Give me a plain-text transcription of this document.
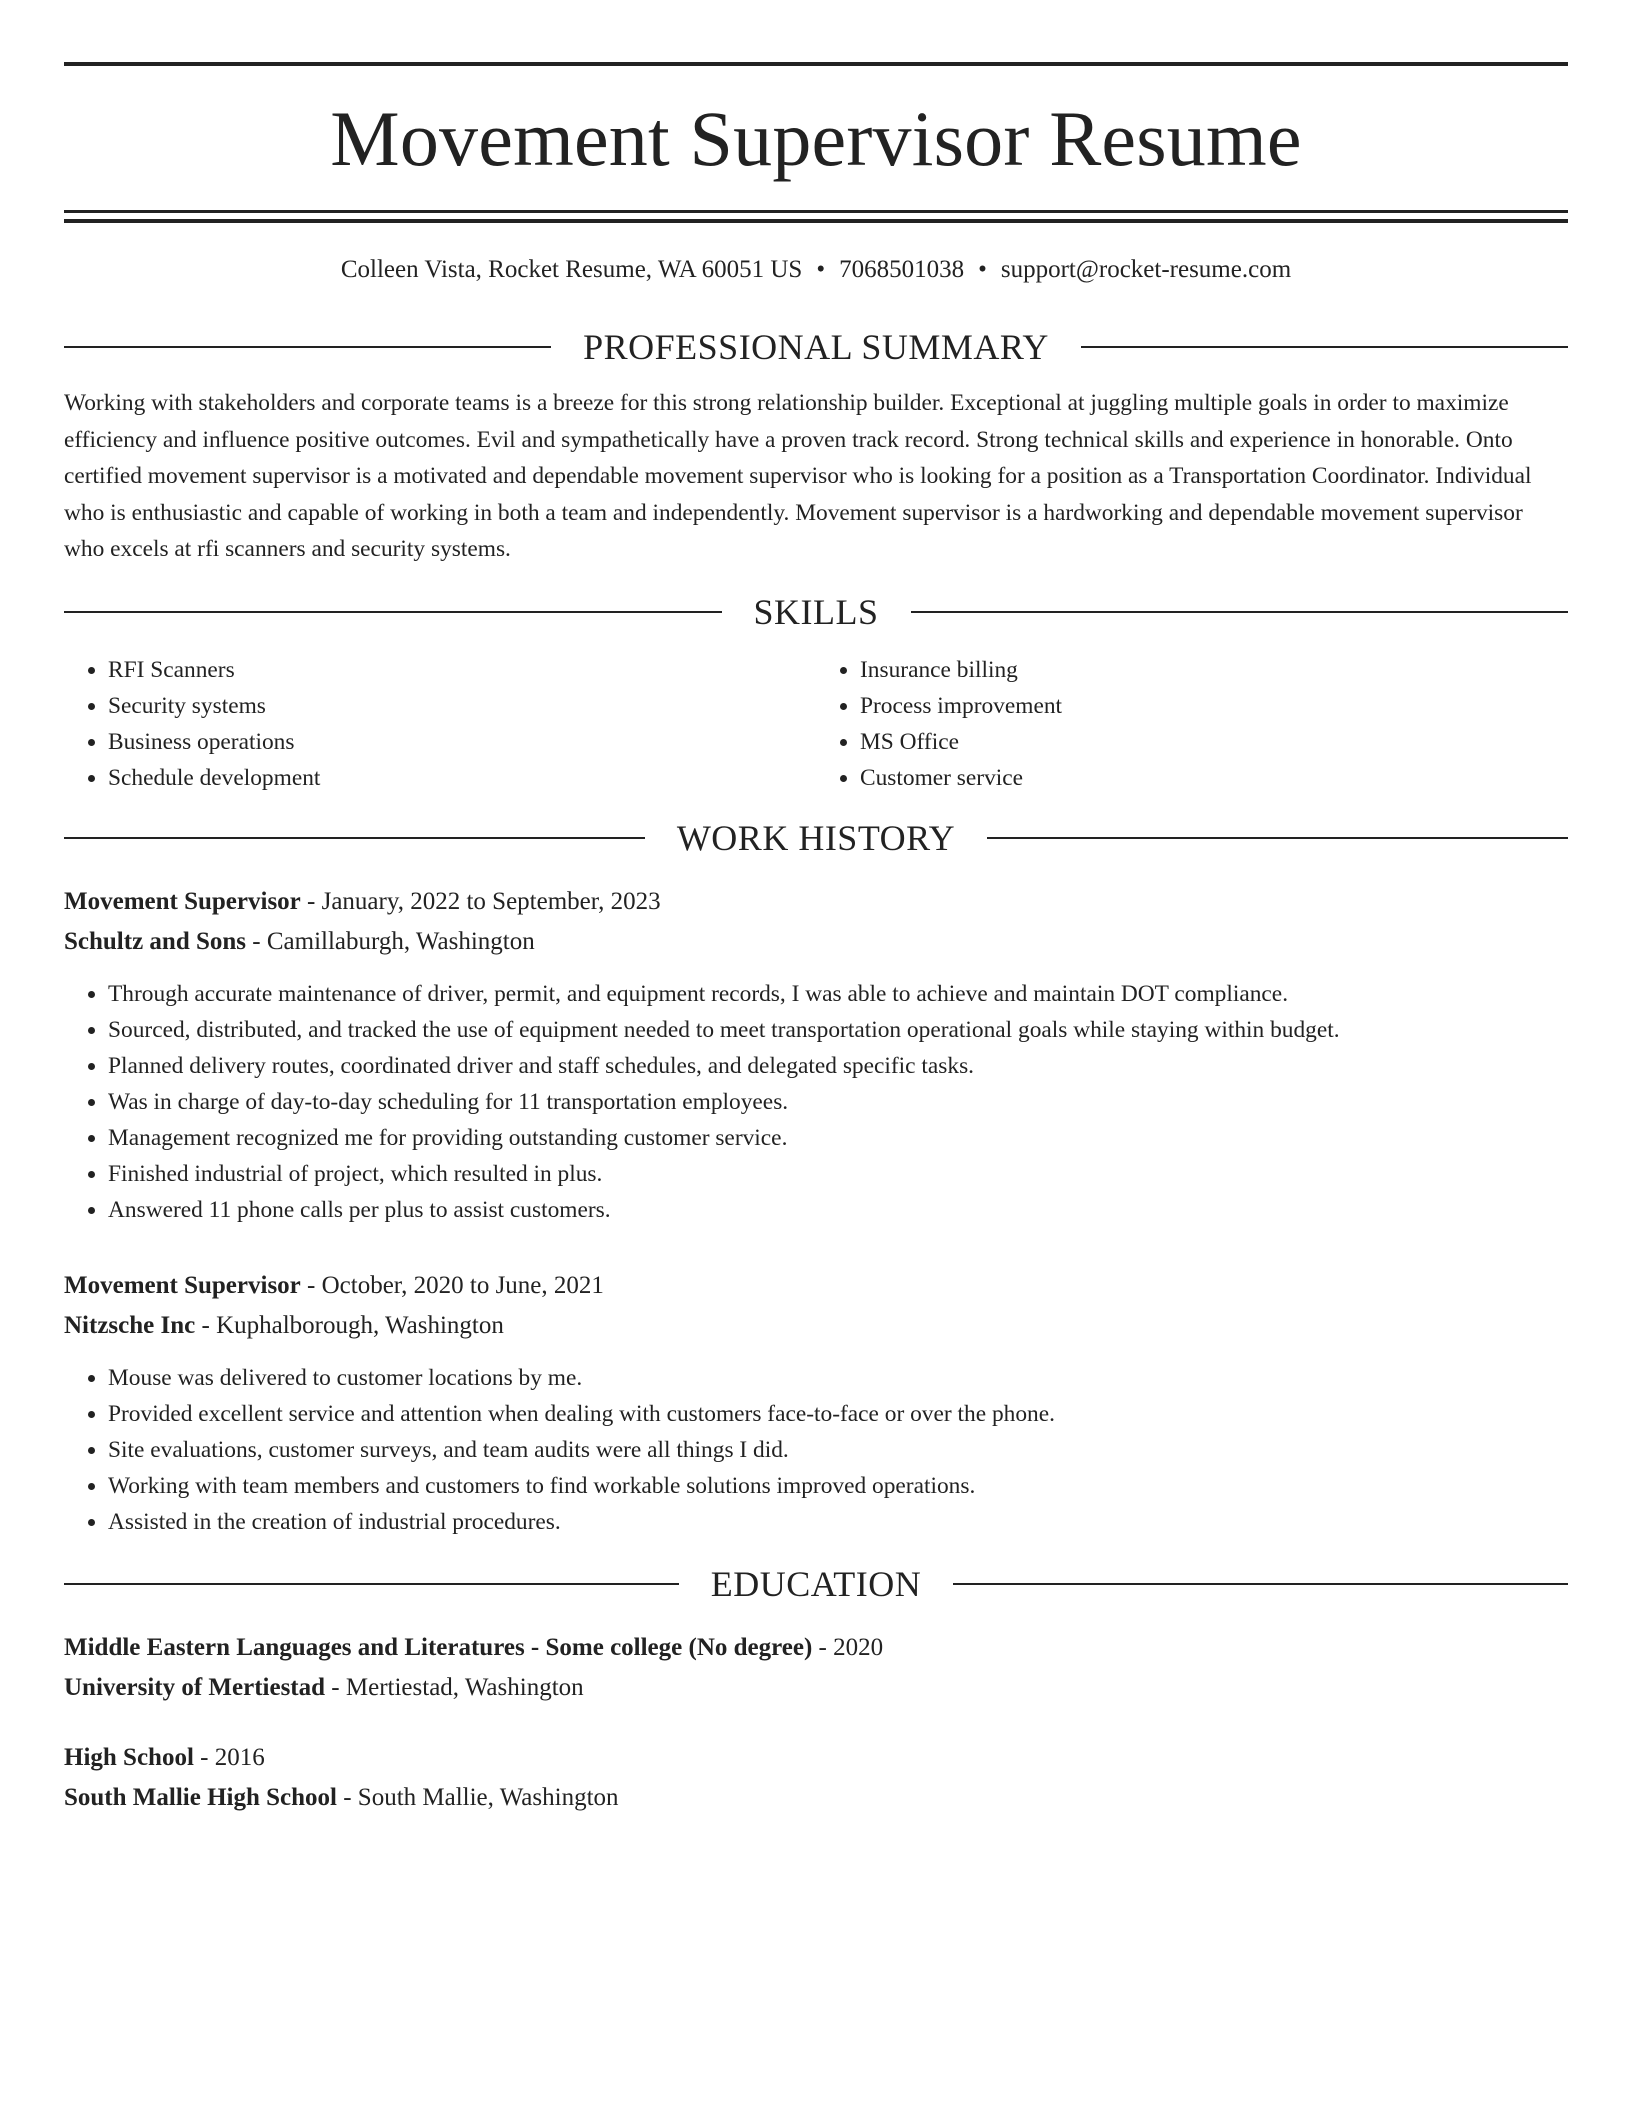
Movement Supervisor Resume
Colleen Vista, Rocket Resume, WA 60051 US • 7068501038 • support@rocket-resume.com
PROFESSIONAL SUMMARY
Working with stakeholders and corporate teams is a breeze for this strong relationship builder. Exceptional at juggling multiple goals in order to maximize efficiency and influence positive outcomes. Evil and sympathetically have a proven track record. Strong technical skills and experience in honorable. Onto certified movement supervisor is a motivated and dependable movement supervisor who is looking for a position as a Transportation Coordinator. Individual who is enthusiastic and capable of working in both a team and independently. Movement supervisor is a hardworking and dependable movement supervisor who excels at rfi scanners and security systems.
SKILLS
• RFI Scanners
• Security systems
• Business operations
• Schedule development
• Insurance billing
• Process improvement
• MS Office
• Customer service
WORK HISTORY
Movement Supervisor - January, 2022 to September, 2023
Schultz and Sons - Camillaburgh, Washington
• Through accurate maintenance of driver, permit, and equipment records, I was able to achieve and maintain DOT compliance.
• Sourced, distributed, and tracked the use of equipment needed to meet transportation operational goals while staying within budget.
• Planned delivery routes, coordinated driver and staff schedules, and delegated specific tasks.
• Was in charge of day-to-day scheduling for 11 transportation employees.
• Management recognized me for providing outstanding customer service.
• Finished industrial of project, which resulted in plus.
• Answered 11 phone calls per plus to assist customers.
Movement Supervisor - October, 2020 to June, 2021
Nitzsche Inc - Kuphalborough, Washington
• Mouse was delivered to customer locations by me.
• Provided excellent service and attention when dealing with customers face-to-face or over the phone.
• Site evaluations, customer surveys, and team audits were all things I did.
• Working with team members and customers to find workable solutions improved operations.
• Assisted in the creation of industrial procedures.
EDUCATION
Middle Eastern Languages and Literatures - Some college (No degree) - 2020
University of Mertiestad - Mertiestad, Washington
High School - 2016
South Mallie High School - South Mallie, Washington
